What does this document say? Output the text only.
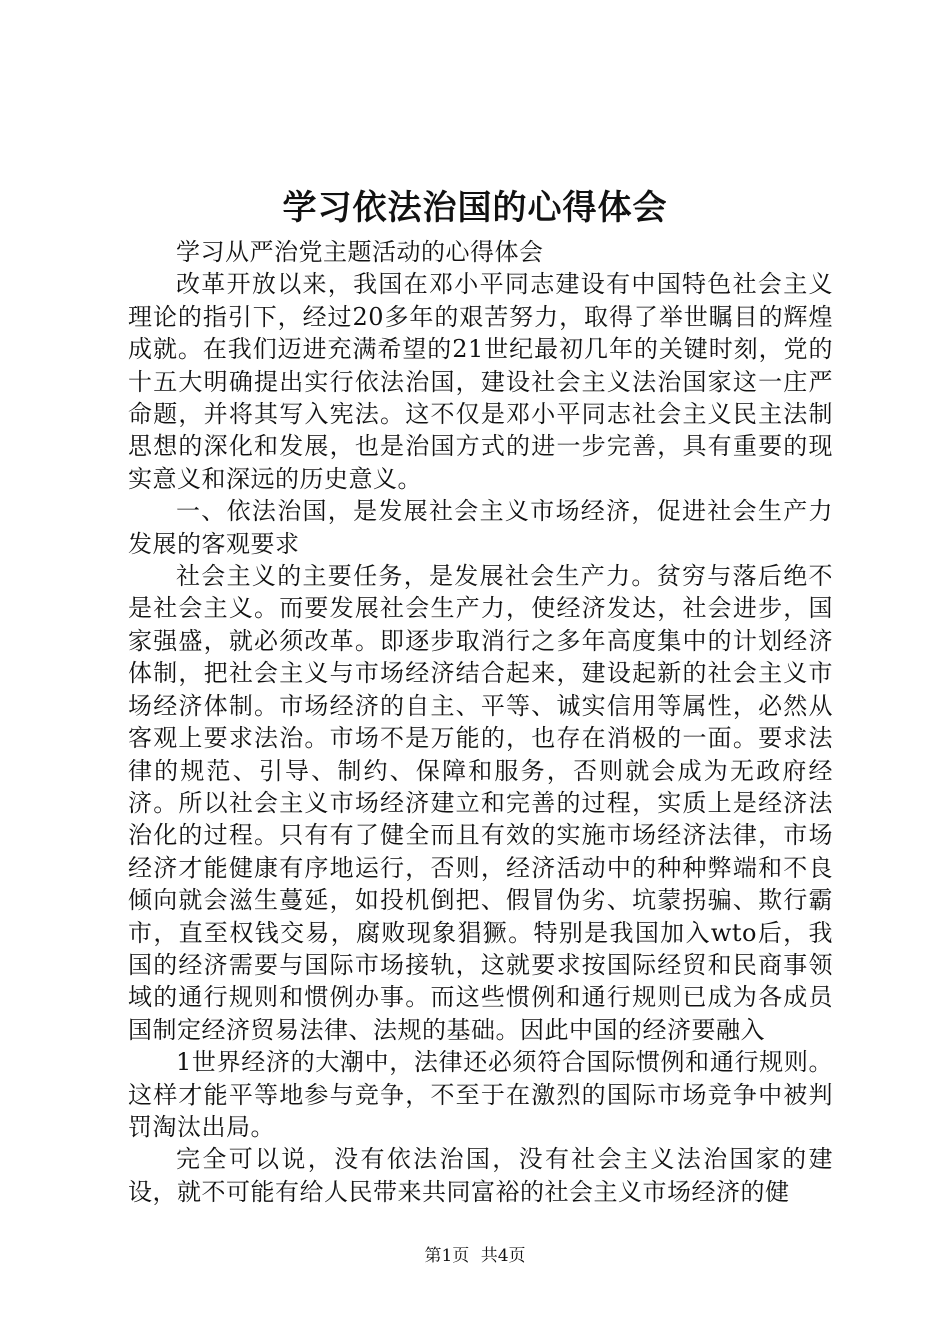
学习依法治国的心得体会

学习从严治党主题活动的心得体会

改革开放以来，我国在邓小平同志建设有中国特色社会主义理论的指引下，经过20多年的艰苦努力，取得了举世瞩目的辉煌成就。在我们迈进充满希望的21世纪最初几年的关键时刻，党的十五大明确提出实行依法治国，建设社会主义法治国家这一庄严命题，并将其写入宪法。这不仅是邓小平同志社会主义民主法制思想的深化和发展，也是治国方式的进一步完善，具有重要的现实意义和深远的历史意义。

一、依法治国，是发展社会主义市场经济，促进社会生产力发展的客观要求

社会主义的主要任务，是发展社会生产力。贫穷与落后绝不是社会主义。而要发展社会生产力，使经济发达，社会进步，国家强盛，就必须改革。即逐步取消行之多年高度集中的计划经济体制，把社会主义与市场经济结合起来，建设起新的社会主义市场经济体制。市场经济的自主、平等、诚实信用等属性，必然从客观上要求法治。市场不是万能的，也存在消极的一面。要求法律的规范、引导、制约、保障和服务，否则就会成为无政府经济。所以社会主义市场经济建立和完善的过程，实质上是经济法治化的过程。只有有了健全而且有效的实施市场经济法律，市场经济才能健康有序地运行，否则，经济活动中的种种弊端和不良倾向就会滋生蔓延，如投机倒把、假冒伪劣、坑蒙拐骗、欺行霸市，直至权钱交易，腐败现象猖獗。特别是我国加入wto后，我国的经济需要与国际市场接轨，这就要求按国际经贸和民商事领域的通行规则和惯例办事。而这些惯例和通行规则已成为各成员国制定经济贸易法律、法规的基础。因此中国的经济要融入

1世界经济的大潮中，法律还必须符合国际惯例和通行规则。这样才能平等地参与竞争，不至于在激烈的国际市场竞争中被判罚淘汰出局。

完全可以说，没有依法治国，没有社会主义法治国家的建设，就不可能有给人民带来共同富裕的社会主义市场经济的健

第1页 共4页
